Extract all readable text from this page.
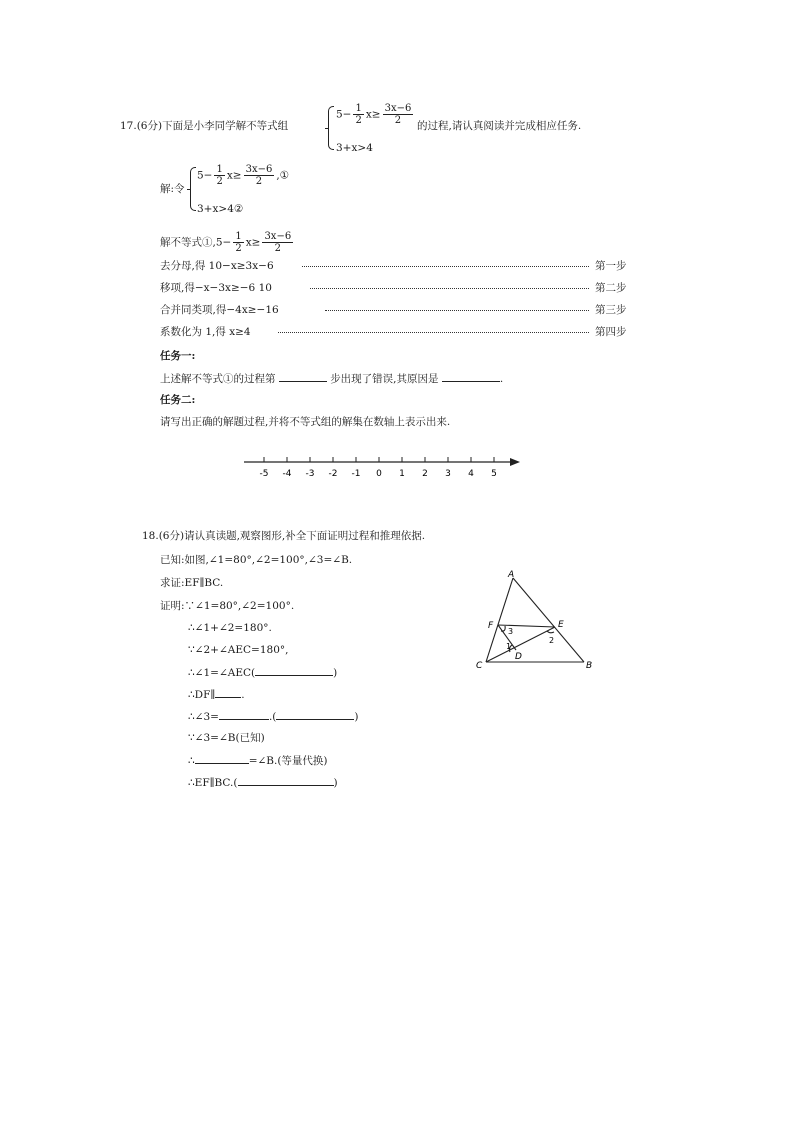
17.(6分)下面是小李同学解不等式组
$5- \frac{1}{2} x\ge \frac{3x-6}{2}$
3+x>4
的过程,请认真阅读并完成相应任务.
解:令
$5- \frac{1}{2} x\ge \frac{3x-6}{2}$ ,①
3+x>4②
解不等式①,5− $\frac{1}{2} x\ge \frac{3x-6}{2}$
去分母,得 10−x≥3x−6	第一步
移项,得−x−3x≥−6 10	第二步
合并同类项,得−4x≥−16	第三步
系数化为 1,得 x≥4	第四步
任务一:
上述解不等式①的过程第	步出现了错误,其原因是	.
任务二:
请写出正确的解题过程,并将不等式组的解集在数轴上表示出来.
-5 -4 -3 -2 -1 0 1 2 3 4 5
18.(6分)请认真读题,观察图形,补全下面证明过程和推理依据.
已知:如图,∠1=80°,∠2=100°,∠3=∠B.
求证:EF∥BC.
证明:∵∠1=80°,∠2=100°.
∴∠1+∠2=180°.
∵∠2+∠AEC=180°,
∴∠1=∠AEC(	)
∴DF∥ .
∴∠3=	.(	)
∵∠3=∠B(已知)
∴	=∠B.(等量代换)
∴EF∥BC.(	)
A
B
C
D
E
F
1
2
3
